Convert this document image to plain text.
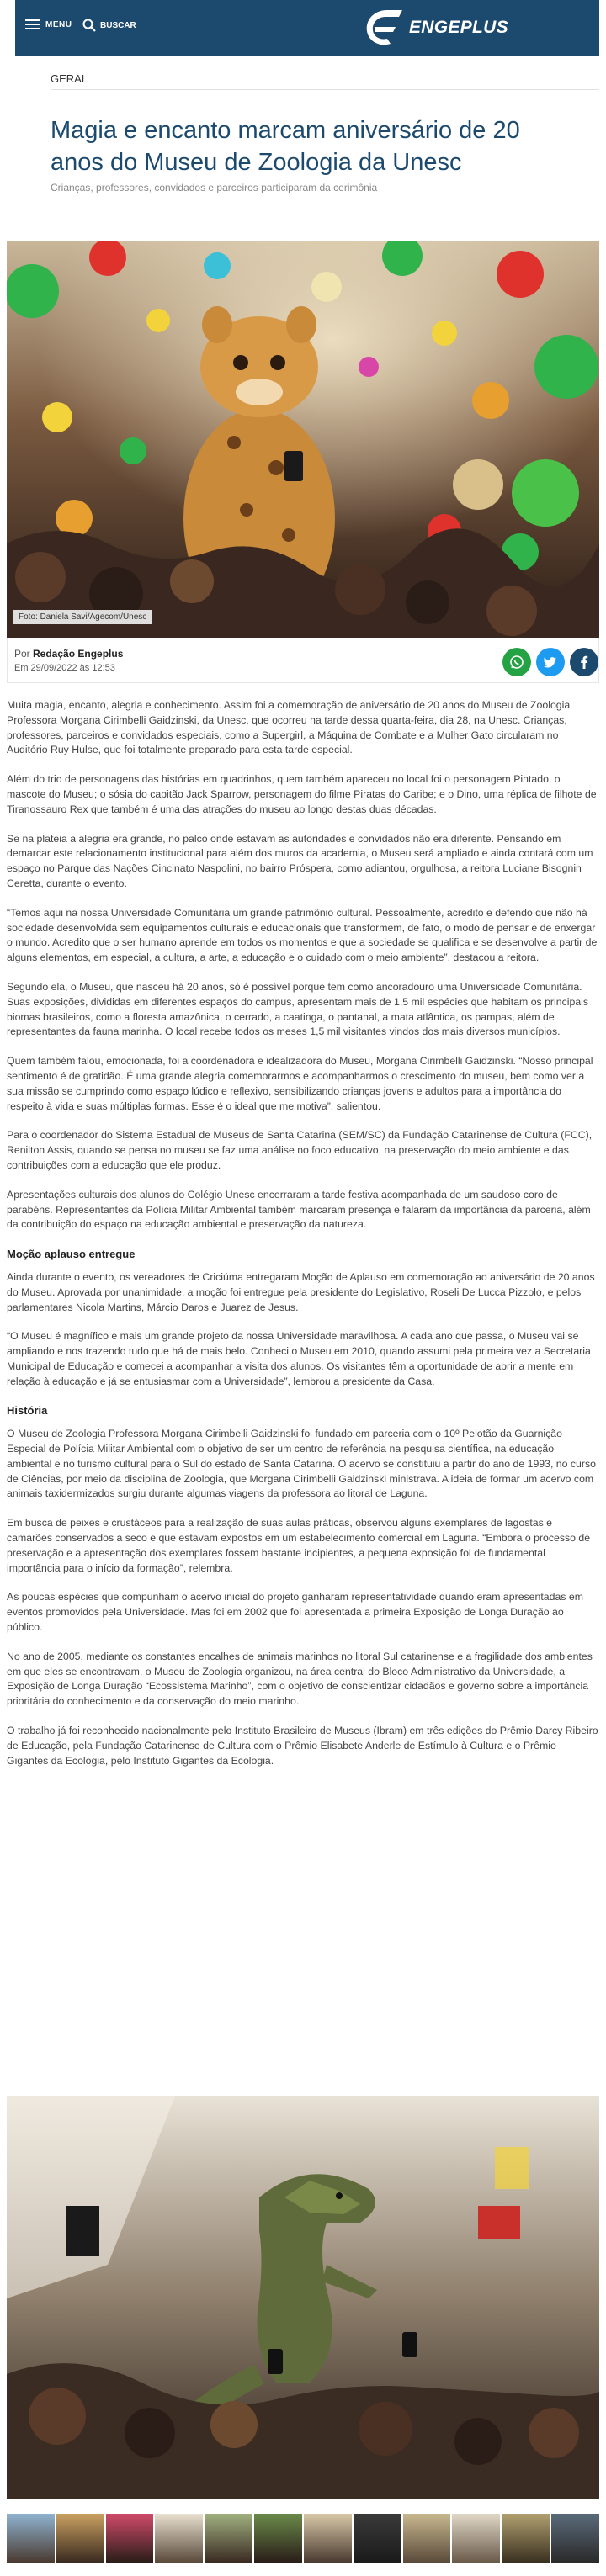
MENU	BUSCAR	ENGEPLUS
GERAL
Magia e encanto marcam aniversário de 20 anos do Museu de Zoologia da Unesc
Crianças, professores, convidados e parceiros participaram da cerimônia
Foto: Daniela Savi/Agecom/Unesc
Por Redação Engeplus
Em 29/09/2022 às 12:53

Muita magia, encanto, alegria e conhecimento. Assim foi a comemoração de aniversário de 20 anos do Museu de Zoologia Professora Morgana Cirimbelli Gaidzinski, da Unesc, que ocorreu na tarde dessa quarta-feira, dia 28, na Unesc. Crianças, professores, parceiros e convidados especiais, como a Supergirl, a Máquina de Combate e a Mulher Gato circularam no Auditório Ruy Hulse, que foi totalmente preparado para esta tarde especial.

Além do trio de personagens das histórias em quadrinhos, quem também apareceu no local foi o personagem Pintado, o mascote do Museu; o sósia do capitão Jack Sparrow, personagem do filme Piratas do Caribe; e o Dino, uma réplica de filhote de Tiranossauro Rex que também é uma das atrações do museu ao longo destas duas décadas.

Se na plateia a alegria era grande, no palco onde estavam as autoridades e convidados não era diferente. Pensando em demarcar este relacionamento institucional para além dos muros da academia, o Museu será ampliado e ainda contará com um espaço no Parque das Nações Cincinato Naspolini, no bairro Próspera, como adiantou, orgulhosa, a reitora Luciane Bisognin Ceretta, durante o evento.

“Temos aqui na nossa Universidade Comunitária um grande patrimônio cultural. Pessoalmente, acredito e defendo que não há sociedade desenvolvida sem equipamentos culturais e educacionais que transformem, de fato, o modo de pensar e de enxergar o mundo. Acredito que o ser humano aprende em todos os momentos e que a sociedade se qualifica e se desenvolve a partir de alguns elementos, em especial, a cultura, a arte, a educação e o cuidado com o meio ambiente”, destacou a reitora.

Segundo ela, o Museu, que nasceu há 20 anos, só é possível porque tem como ancoradouro uma Universidade Comunitária. Suas exposições, divididas em diferentes espaços do campus, apresentam mais de 1,5 mil espécies que habitam os principais biomas brasileiros, como a floresta amazônica, o cerrado, a caatinga, o pantanal, a mata atlântica, os pampas, além de representantes da fauna marinha. O local recebe todos os meses 1,5 mil visitantes vindos dos mais diversos municípios.

Quem também falou, emocionada, foi a coordenadora e idealizadora do Museu, Morgana Cirimbelli Gaidzinski. “Nosso principal sentimento é de gratidão. É uma grande alegria comemorarmos e acompanharmos o crescimento do museu, bem como ver a sua missão se cumprindo como espaço lúdico e reflexivo, sensibilizando crianças jovens e adultos para a importância do respeito à vida e suas múltiplas formas. Esse é o ideal que me motiva”, salientou.

Para o coordenador do Sistema Estadual de Museus de Santa Catarina (SEM/SC) da Fundação Catarinense de Cultura (FCC), Renilton Assis, quando se pensa no museu se faz uma análise no foco educativo, na preservação do meio ambiente e das contribuições com a educação que ele produz.

Apresentações culturais dos alunos do Colégio Unesc encerraram a tarde festiva acompanhada de um saudoso coro de parabéns. Representantes da Polícia Militar Ambiental também marcaram presença e falaram da importância da parceria, além da contribuição do espaço na educação ambiental e preservação da natureza.

Moção aplauso entregue

Ainda durante o evento, os vereadores de Criciúma entregaram Moção de Aplauso em comemoração ao aniversário de 20 anos do Museu. Aprovada por unanimidade, a moção foi entregue pela presidente do Legislativo, Roseli De Lucca Pizzolo, e pelos parlamentares Nicola Martins, Márcio Daros e Juarez de Jesus.

“O Museu é magnífico e mais um grande projeto da nossa Universidade maravilhosa. A cada ano que passa, o Museu vai se ampliando e nos trazendo tudo que há de mais belo. Conheci o Museu em 2010, quando assumi pela primeira vez a Secretaria Municipal de Educação e comecei a acompanhar a visita dos alunos. Os visitantes têm a oportunidade de abrir a mente em relação à educação e já se entusiasmar com a Universidade”, lembrou a presidente da Casa.

História

O Museu de Zoologia Professora Morgana Cirimbelli Gaidzinski foi fundado em parceria com o 10º Pelotão da Guarnição Especial de Polícia Militar Ambiental com o objetivo de ser um centro de referência na pesquisa científica, na educação ambiental e no turismo cultural para o Sul do estado de Santa Catarina. O acervo se constituiu a partir do ano de 1993, no curso de Ciências, por meio da disciplina de Zoologia, que Morgana Cirimbelli Gaidzinski ministrava. A ideia de formar um acervo com animais taxidermizados surgiu durante algumas viagens da professora ao litoral de Laguna.

Em busca de peixes e crustáceos para a realização de suas aulas práticas, observou alguns exemplares de lagostas e camarões conservados a seco e que estavam expostos em um estabelecimento comercial em Laguna. “Embora o processo de preservação e a apresentação dos exemplares fossem bastante incipientes, a pequena exposição foi de fundamental importância para o início da formação”, relembra.

As poucas espécies que compunham o acervo inicial do projeto ganharam representatividade quando eram apresentadas em eventos promovidos pela Universidade. Mas foi em 2002 que foi apresentada a primeira Exposição de Longa Duração ao público.

No ano de 2005, mediante os constantes encalhes de animais marinhos no litoral Sul catarinense e a fragilidade dos ambientes em que eles se encontravam, o Museu de Zoologia organizou, na área central do Bloco Administrativo da Universidade, a Exposição de Longa Duração “Ecossistema Marinho”, com o objetivo de conscientizar cidadãos e governo sobre a importância prioritária do conhecimento e da conservação do meio marinho.

O trabalho já foi reconhecido nacionalmente pelo Instituto Brasileiro de Museus (Ibram) em três edições do Prêmio Darcy Ribeiro de Educação, pela Fundação Catarinense de Cultura com o Prêmio Elisabete Anderle de Estímulo à Cultura e o Prêmio Gigantes da Ecologia, pelo Instituto Gigantes da Ecologia.
